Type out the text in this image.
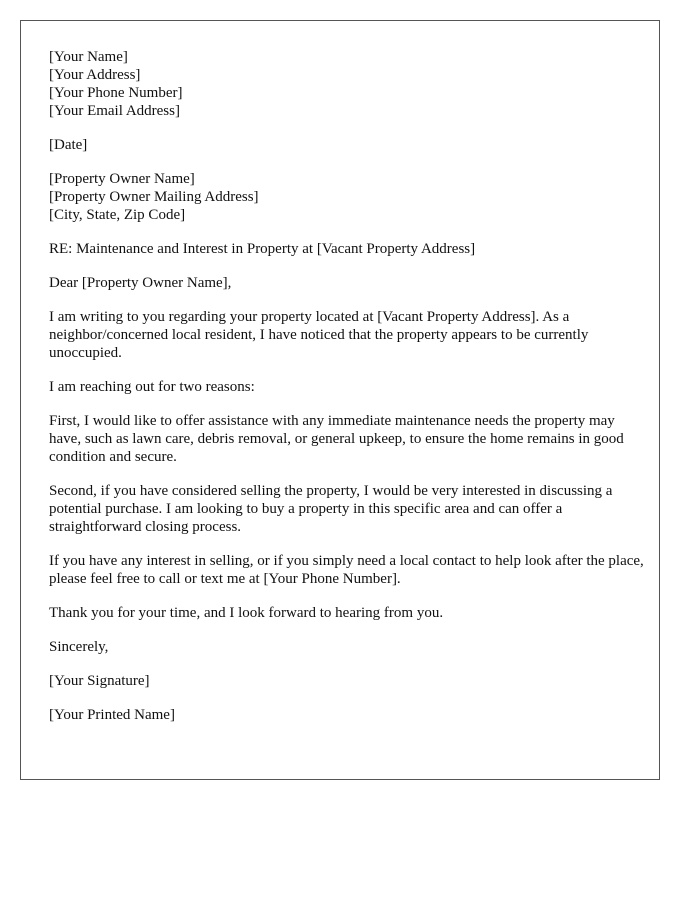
[Your Name]
[Your Address]
[Your Phone Number]
[Your Email Address]
[Date]
[Property Owner Name]
[Property Owner Mailing Address]
[City, State, Zip Code]

RE: Maintenance and Interest in Property at [Vacant Property Address]

Dear [Property Owner Name],

I am writing to you regarding your property located at [Vacant Property Address]. As a neighbor/concerned local resident, I have noticed that the property appears to be currently unoccupied.

I am reaching out for two reasons:

First, I would like to offer assistance with any immediate maintenance needs the property may have, such as lawn care, debris removal, or general upkeep, to ensure the home remains in good condition and secure.

Second, if you have considered selling the property, I would be very interested in discussing a potential purchase. I am looking to buy a property in this specific area and can offer a straightforward closing process.

If you have any interest in selling, or if you simply need a local contact to help look after the place, please feel free to call or text me at [Your Phone Number].

Thank you for your time, and I look forward to hearing from you.

Sincerely,

[Your Signature]

[Your Printed Name]
